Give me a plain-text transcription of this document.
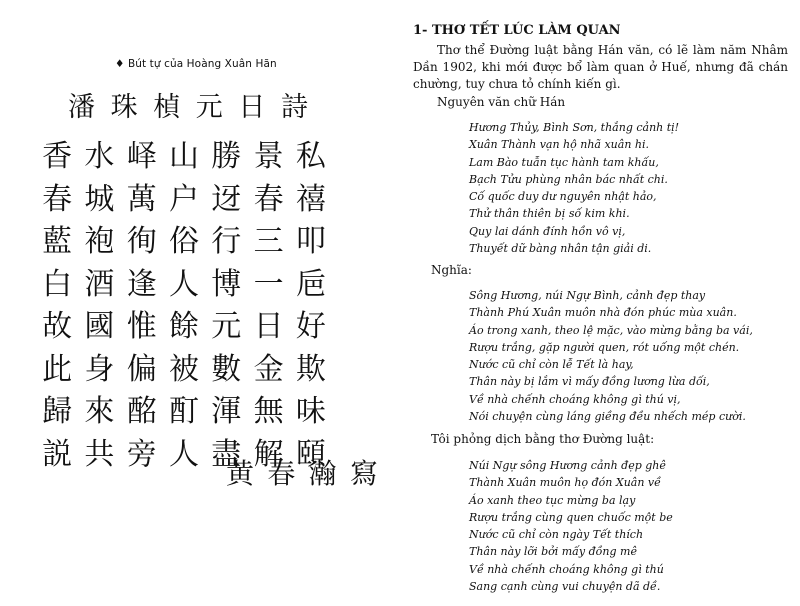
♦ Bút tự của Hoàng Xuân Hãn
潘 珠 楨 元 日 詩
香 水 峄 山 勝 景 私
春 城 萬 户 迓 春 禧
藍 袍 徇 俗 行 三 叩
白 酒 逢 人 博 一 巵
故 國 惟 餘 元 日 好
此 身 偏 被 數 金 欺
歸 來 酩 酊 渾 無 味
説 共 旁 人 盡 解 頤
黄 春 瀚 寫
1- THƠ TẾT LÚC LÀM QUAN
Thơ thể Đường luật bằng Hán văn, có lẽ làm năm Nhâm Dần 1902, khi mới được bổ làm quan ở Huế, nhưng đã chán chường, tuy chưa tỏ chính kiến gì.
Nguyên văn chữ Hán
Hương Thủy, Bình Sơn, thắng cảnh tị!
Xuân Thành vạn hộ nhã xuân hi.
Lam Bào tuẫn tục hành tam khấu,
Bạch Tửu phùng nhân bác nhất chi.
Cố quốc duy dư nguyên nhật hảo,
Thử thân thiên bị số kim khi.
Quy lai dánh đính hồn vô vị,
Thuyết dữ bàng nhân tận giải di.
Nghĩa:
Sông Hương, núi Ngự Bình, cảnh đẹp thay
Thành Phú Xuân muôn nhà đón phúc mùa xuân.
Áo trong xanh, theo lệ mặc, vào mừng bằng ba vái,
Rượu trắng, gặp người quen, rót uống một chén.
Nước cũ chỉ còn lễ Tết là hay,
Thân này bị lắm vì mấy đồng lương lừa dối,
Về nhà chếnh choáng không gì thú vị,
Nói chuyện cùng láng giềng đều nhếch mép cười.
Tôi phỏng dịch bằng thơ Đường luật:
Núi Ngự sông Hương cảnh đẹp ghê
Thành Xuân muôn họ đón Xuân về
Áo xanh theo tục mừng ba lạy
Rượu trắng cùng quen chuốc một be
Nước cũ chỉ còn ngày Tết thích
Thân này lỡi bởi mấy đồng mê
Về nhà chếnh choáng không gì thú
Sang cạnh cùng vui chuyện dã dề.
